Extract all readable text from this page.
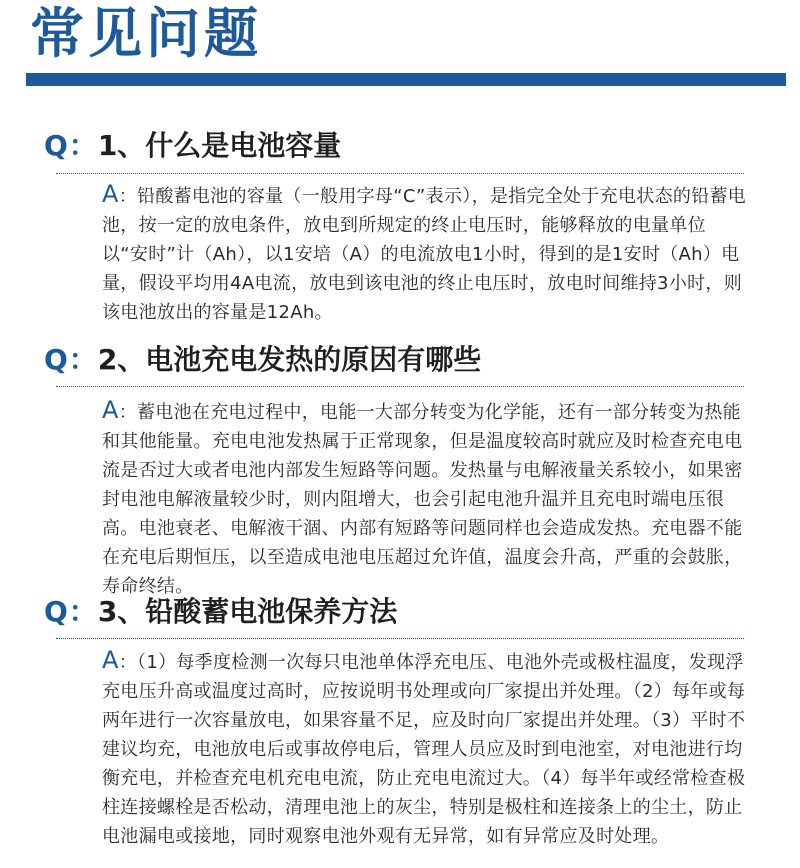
常见问题
Q：1、什么是电池容量

A：铅酸蓄电池的容量（一般用字母“C”表示），是指完全处于充电状态的铅蓄电池，按一定的放电条件，放电到所规定的终止电压时，能够释放的电量单位以“安时”计（Ah），以1安培（A）的电流放电1小时，得到的是1安时（Ah）电量，假设平均用4A电流，放电到该电池的终止电压时，放电时间维持3小时，则该电池放出的容量是12Ah。

Q：2、电池充电发热的原因有哪些

A：蓄电池在充电过程中，电能一大部分转变为化学能，还有一部分转变为热能和其他能量。充电电池发热属于正常现象，但是温度较高时就应及时检查充电电流是否过大或者电池内部发生短路等问题。发热量与电解液量关系较小，如果密封电池电解液量较少时，则内阻增大，也会引起电池升温并且充电时端电压很高。电池衰老、电解液干涸、内部有短路等问题同样也会造成发热。充电器不能在充电后期恒压，以至造成电池电压超过允许值，温度会升高，严重的会鼓胀，寿命终结。

Q：3、铅酸蓄电池保养方法

A：（1）每季度检测一次每只电池单体浮充电压、电池外壳或极柱温度，发现浮充电压升高或温度过高时，应按说明书处理或向厂家提出并处理。（2）每年或每两年进行一次容量放电，如果容量不足，应及时向厂家提出并处理。（3）平时不建议均充，电池放电后或事故停电后，管理人员应及时到电池室，对电池进行均衡充电，并检查充电机充电电流，防止充电电流过大。（4）每半年或经常检查极柱连接螺栓是否松动，清理电池上的灰尘，特别是极柱和连接条上的尘土，防止电池漏电或接地，同时观察电池外观有无异常，如有异常应及时处理。
